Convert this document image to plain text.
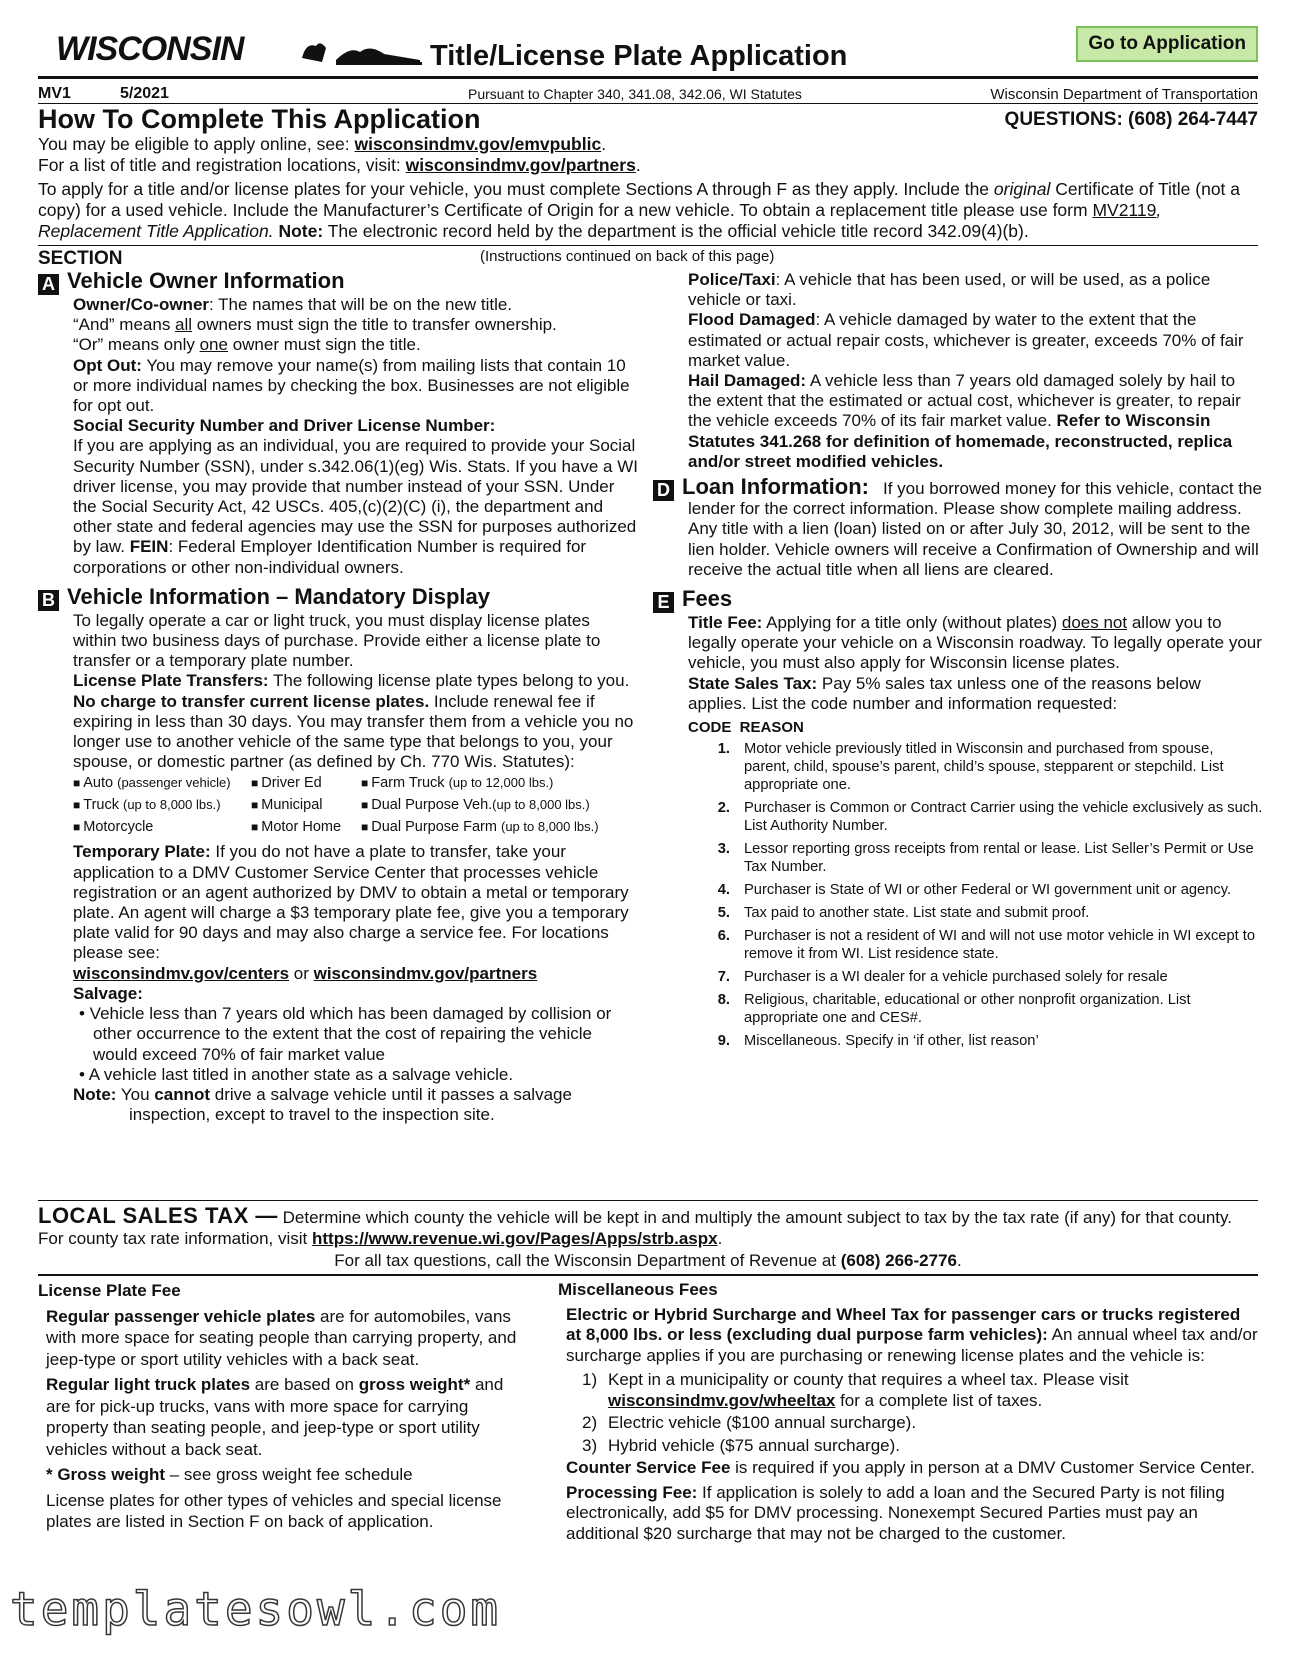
WISCONSIN	Title/License Plate Application	Go to Application
MV1	5/2021	Pursuant to Chapter 340, 341.08, 342.06, WI Statutes	Wisconsin Department of Transportation
How To Complete This Application	QUESTIONS: (608) 264-7447

You may be eligible to apply online, see: wisconsindmv.gov/emvpublic.

For a list of title and registration locations, visit: wisconsindmv.gov/partners.

To apply for a title and/or license plates for your vehicle, you must complete Sections A through F as they apply. Include the original Certificate of Title (not a copy) for a used vehicle. Include the Manufacturer’s Certificate of Origin for a new vehicle. To obtain a replacement title please use form MV2119, Replacement Title Application. Note: The electronic record held by the department is the official vehicle title record 342.09(4)(b).

SECTION	(Instructions continued on back of this page)
A Vehicle Owner Information

Owner/Co-owner: The names that will be on the new title.

“And” means all owners must sign the title to transfer ownership.

“Or” means only one owner must sign the title.

Opt Out: You may remove your name(s) from mailing lists that contain 10 or more individual names by checking the box. Businesses are not eligible for opt out.

Social Security Number and Driver License Number:

If you are applying as an individual, you are required to provide your Social Security Number (SSN), under s.342.06(1)(eg) Wis. Stats. If you have a WI driver license, you may provide that number instead of your SSN. Under the Social Security Act, 42 USCs. 405,(c)(2)(C) (i), the department and other state and federal agencies may use the SSN for purposes authorized by law. FEIN: Federal Employer Identification Number is required for corporations or other non-individual owners.

B Vehicle Information – Mandatory Display

To legally operate a car or light truck, you must display license plates within two business days of purchase. Provide either a license plate to transfer or a temporary plate number.

License Plate Transfers: The following license plate types belong to you. No charge to transfer current license plates. Include renewal fee if expiring in less than 30 days. You may transfer them from a vehicle you no longer use to another vehicle of the same type that belongs to you, your spouse, or domestic partner (as defined by Ch. 770 Wis. Statutes):

■ Auto (passenger vehicle)	■ Driver Ed	■ Farm Truck (up to 12,000 lbs.)
■ Truck (up to 8,000 lbs.)	■ Municipal	■ Dual Purpose Veh.(up to 8,000 lbs.)
■ Motorcycle	■ Motor Home	■ Dual Purpose Farm (up to 8,000 lbs.)

Temporary Plate: If you do not have a plate to transfer, take your application to a DMV Customer Service Center that processes vehicle registration or an agent authorized by DMV to obtain a metal or temporary plate. An agent will charge a $3 temporary plate fee, give you a temporary plate valid for 90 days and may also charge a service fee. For locations please see:

wisconsindmv.gov/centers or wisconsindmv.gov/partners

Salvage:

• Vehicle less than 7 years old which has been damaged by collision or other occurrence to the extent that the cost of repairing the vehicle would exceed 70% of fair market value

• A vehicle last titled in another state as a salvage vehicle.

Note: You cannot drive a salvage vehicle until it passes a salvage inspection, except to travel to the inspection site.

Police/Taxi: A vehicle that has been used, or will be used, as a police vehicle or taxi.

Flood Damaged: A vehicle damaged by water to the extent that the estimated or actual repair costs, whichever is greater, exceeds 70% of fair market value.

Hail Damaged: A vehicle less than 7 years old damaged solely by hail to the extent that the estimated or actual cost, whichever is greater, to repair the vehicle exceeds 70% of its fair market value. Refer to Wisconsin Statutes 341.268 for definition of homemade, reconstructed, replica and/or street modified vehicles.

D Loan Information: If you borrowed money for this vehicle, contact the lender for the correct information. Please show complete mailing address. Any title with a lien (loan) listed on or after July 30, 2012, will be sent to the lien holder. Vehicle owners will receive a Confirmation of Ownership and will receive the actual title when all liens are cleared.

E Fees

Title Fee: Applying for a title only (without plates) does not allow you to legally operate your vehicle on a Wisconsin roadway. To legally operate your vehicle, you must also apply for Wisconsin license plates.

State Sales Tax: Pay 5% sales tax unless one of the reasons below applies. List the code number and information requested:

CODE  REASON
1. Motor vehicle previously titled in Wisconsin and purchased from spouse, parent, child, spouse’s parent, child’s spouse, stepparent or stepchild. List appropriate one.
2. Purchaser is Common or Contract Carrier using the vehicle exclusively as such. List Authority Number.
3. Lessor reporting gross receipts from rental or lease. List Seller’s Permit or Use Tax Number.
4. Purchaser is State of WI or other Federal or WI government unit or agency.
5. Tax paid to another state. List state and submit proof.
6. Purchaser is not a resident of WI and will not use motor vehicle in WI except to remove it from WI. List residence state.
7. Purchaser is a WI dealer for a vehicle purchased solely for resale
8. Religious, charitable, educational or other nonprofit organization. List appropriate one and CES#.
9. Miscellaneous. Specify in ‘if other, list reason’
LOCAL SALES TAX — Determine which county the vehicle will be kept in and multiply the amount subject to tax by the tax rate (if any) for that county. For county tax rate information, visit https://www.revenue.wi.gov/Pages/Apps/strb.aspx.
For all tax questions, call the Wisconsin Department of Revenue at (608) 266-2776.
License Plate Fee

Regular passenger vehicle plates are for automobiles, vans with more space for seating people than carrying property, and jeep-type or sport utility vehicles with a back seat.

Regular light truck plates are based on gross weight* and are for pick-up trucks, vans with more space for carrying property than seating people, and jeep-type or sport utility vehicles without a back seat.

* Gross weight – see gross weight fee schedule

License plates for other types of vehicles and special license plates are listed in Section F on back of application.

Miscellaneous Fees

Electric or Hybrid Surcharge and Wheel Tax for passenger cars or trucks registered at 8,000 lbs. or less (excluding dual purpose farm vehicles): An annual wheel tax and/or surcharge applies if you are purchasing or renewing license plates and the vehicle is:

1) Kept in a municipality or county that requires a wheel tax. Please visit wisconsindmv.gov/wheeltax for a complete list of taxes.
2) Electric vehicle ($100 annual surcharge).
3) Hybrid vehicle ($75 annual surcharge).

Counter Service Fee is required if you apply in person at a DMV Customer Service Center.

Processing Fee: If application is solely to add a loan and the Secured Party is not filing electronically, add $5 for DMV processing. Nonexempt Secured Parties must pay an additional $20 surcharge that may not be charged to the customer.

templatesowl.com
